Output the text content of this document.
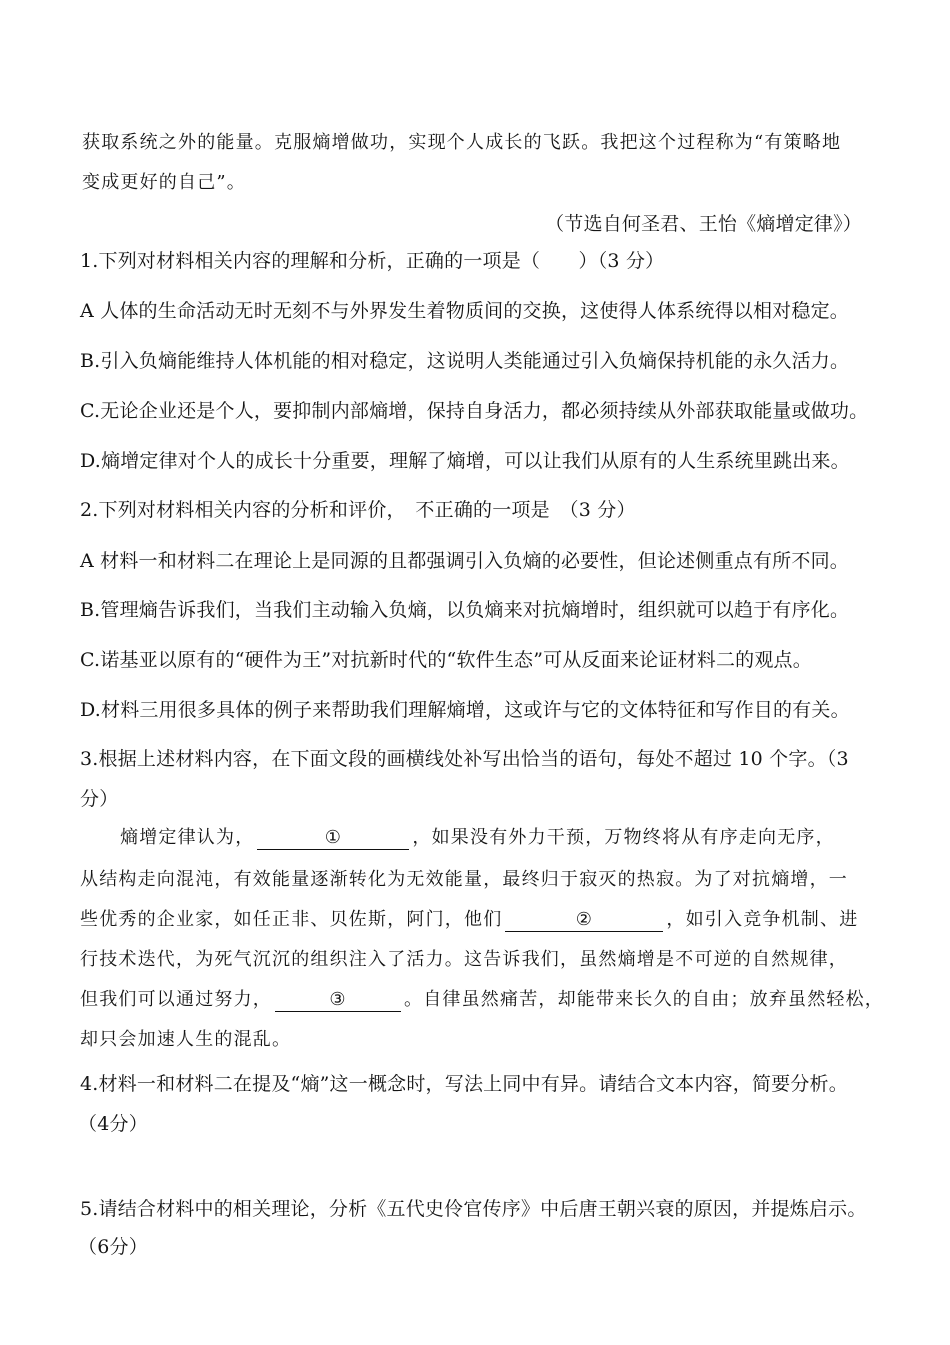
获取系统之外的能量。克服熵增做功，实现个人成长的飞跃。我把这个过程称为“有策略地
变成更好的自己”。
（节选自何圣君、王怡《熵增定律》）
1.下列对材料相关内容的理解和分析，正确的一项是（　　）（3 分）
A 人体的生命活动无时无刻不与外界发生着物质间的交换，这使得人体系统得以相对稳定。
B.引入负熵能维持人体机能的相对稳定，这说明人类能通过引入负熵保持机能的永久活力。
C.无论企业还是个人，要抑制内部熵增，保持自身活力，都必须持续从外部获取能量或做功。
D.熵增定律对个人的成长十分重要，理解了熵增，可以让我们从原有的人生系统里跳出来。
2.下列对材料相关内容的分析和评价，　不正确的一项是　（3 分）
A 材料一和材料二在理论上是同源的且都强调引入负熵的必要性，但论述侧重点有所不同。
B.管理熵告诉我们，当我们主动输入负熵，以负熵来对抗熵增时，组织就可以趋于有序化。
C.诺基亚以原有的“硬件为王”对抗新时代的“软件生态”可从反面来论证材料二的观点。
D.材料三用很多具体的例子来帮助我们理解熵增，这或许与它的文体特征和写作目的有关。
3.根据上述材料内容，在下面文段的画横线处补写出恰当的语句，每处不超过 10 个字。（3
分）
熵增定律认为，	①	，如果没有外力干预，万物终将从有序走向无序，
从结构走向混沌，有效能量逐渐转化为无效能量，最终归于寂灭的热寂。为了对抗熵增，一
些优秀的企业家，如任正非、贝佐斯，阿门，他们	②	，如引入竞争机制、进
行技术迭代，为死气沉沉的组织注入了活力。这告诉我们，虽然熵增是不可逆的自然规律，
但我们可以通过努力，	③	。自律虽然痛苦，却能带来长久的自由；放弃虽然轻松，
却只会加速人生的混乱。
4.材料一和材料二在提及“熵”这一概念时，写法上同中有异。请结合文本内容，简要分析。
（4分）
5.请结合材料中的相关理论，分析《五代史伶官传序》中后唐王朝兴衰的原因，并提炼启示。
（6分）
